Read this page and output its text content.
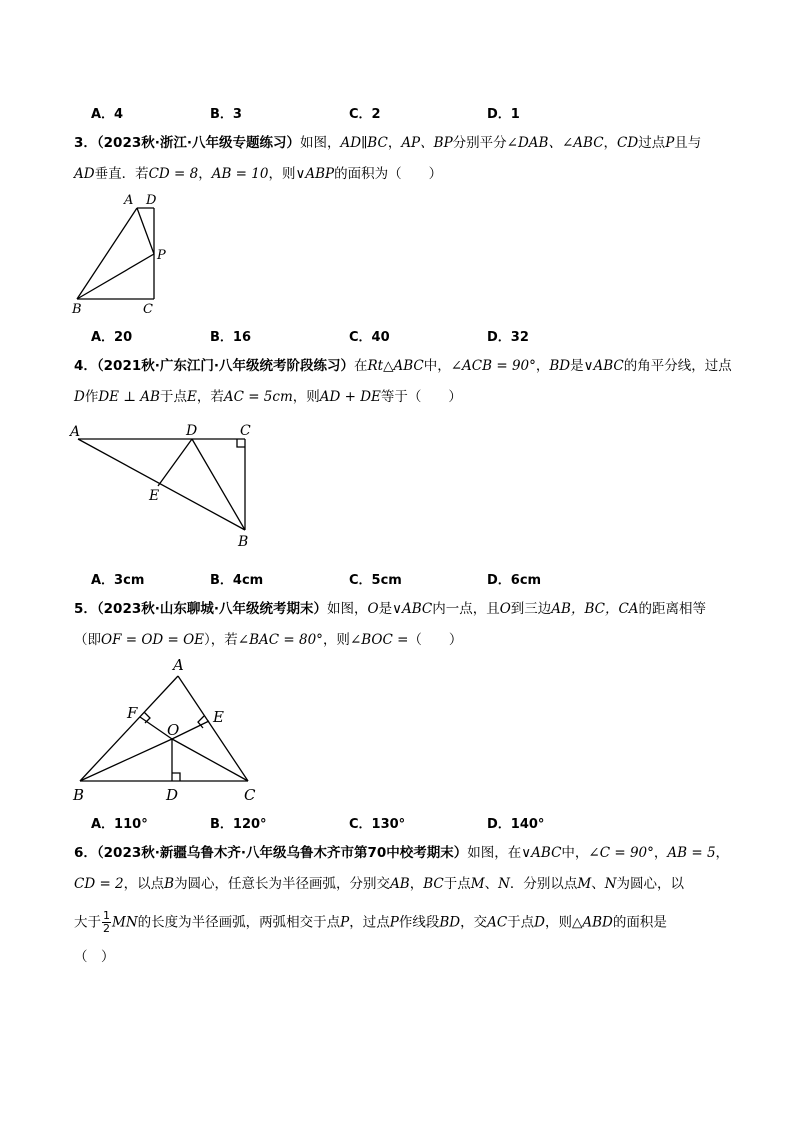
A．4	B．3	C．2	D．1
3．（2023秋·浙江·八年级专题练习）如图，AD∥BC，AP、BP分别平分∠DAB、∠ABC，CD过点P且与
AD垂直．若CD = 8，AB = 10，则∨ABP的面积为（　　）
A D
P
B	C
A．20	B．16	C．40	D．32
4．（2021秋·广东江门·八年级统考阶段练习）在Rt△ABC中，∠ACB = 90°，BD是∨ABC的角平分线，过点
D作DE ⊥ AB于点E，若AC = 5cm，则AD + DE等于（　　）
A	D	C
E
B
A．3cm	B．4cm	C．5cm	D．6cm
5．（2023秋·山东聊城·八年级统考期末）如图，O是∨ABC内一点，且O到三边AB，BC，CA的距离相等
（即OF = OD = OE），若∠BAC = 80°，则∠BOC =（　　）
A
F	E
O
B	D	C
A．110°	B．120°	C．130°	D．140°
6．（2023秋·新疆乌鲁木齐·八年级乌鲁木齐市第70中校考期末）如图，在∨ABC中，∠C = 90°，AB = 5，
CD = 2，以点B为圆心，任意长为半径画弧，分别交AB，BC于点M、N．分别以点M、N为圆心，以
大于 $\frac{1}{2}$ MN的长度为半径画弧，两弧相交于点P，过点P作线段BD，交AC于点D，则△ABD的面积是
（　）
